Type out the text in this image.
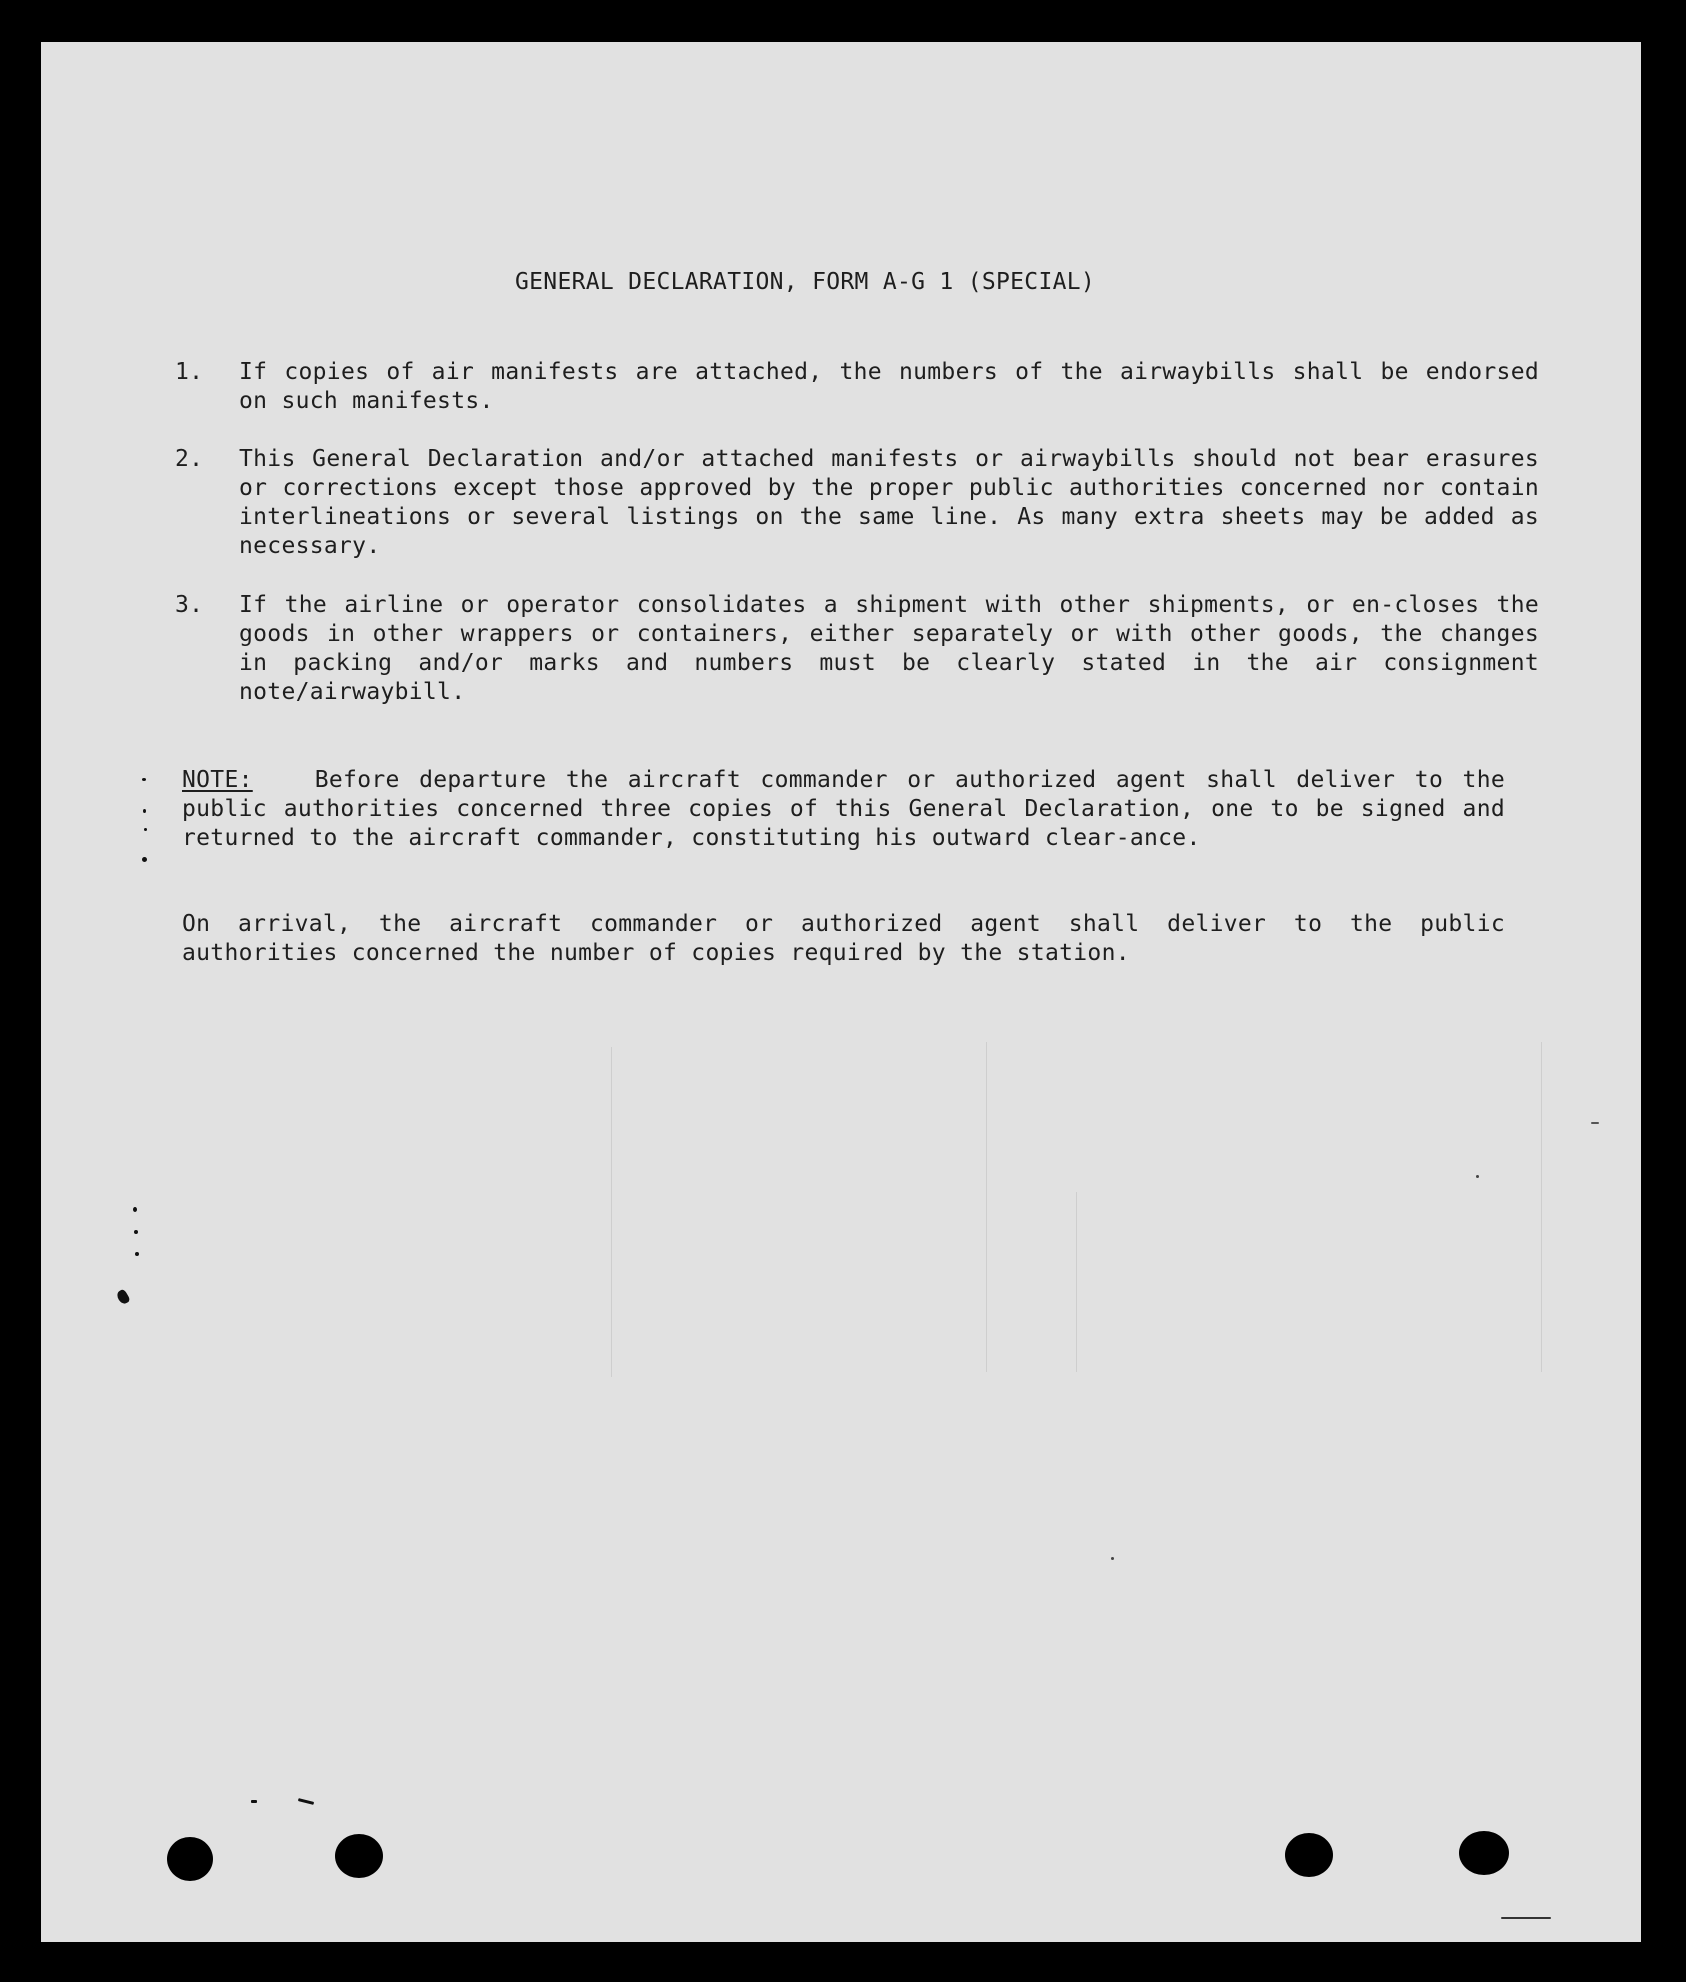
GENERAL DECLARATION, FORM A-G 1 (SPECIAL)
1.	If copies of air manifests are attached, the numbers of the airwaybills shall be endorsed on such manifests.
2.	This General Declaration and/or attached manifests or airwaybills should not bear erasures or corrections except those approved by the proper public authorities concerned nor contain interlineations or several listings on the same line. As many extra sheets may be added as necessary.
3.	If the airline or operator consolidates a shipment with other shipments, or en-closes the goods in other wrappers or containers, either separately or with other goods, the changes in packing and/or marks and numbers must be clearly stated in the air consignment note/airwaybill.
NOTE:	Before departure the aircraft commander or authorized agent shall deliver to the public authorities concerned three copies of this General Declaration, one to be signed and returned to the aircraft commander, constituting his outward clear-ance.
On arrival, the aircraft commander or authorized agent shall deliver to the public authorities concerned the number of copies required by the station.
